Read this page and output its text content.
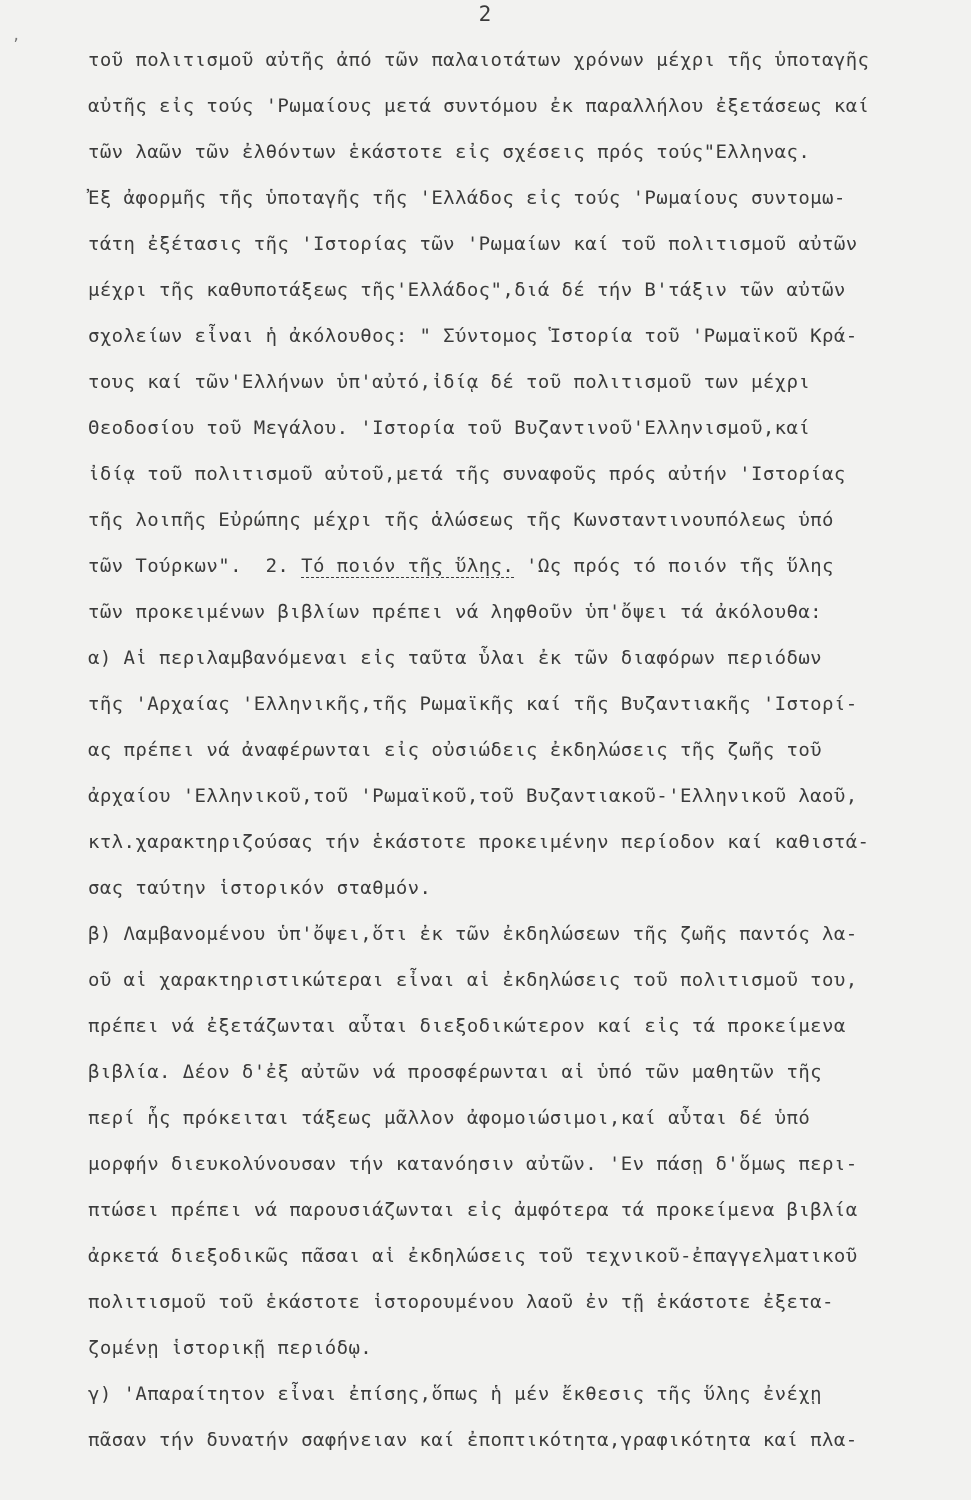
2
,
τοῦ πολιτισμοῦ αὐτῆς ἀπό τῶν παλαιοτάτων χρόνων μέχρι τῆς ὑποταγῆς
αὐτῆς εἰς τούς 'Ρωμαίους μετά συντόμου ἐκ παραλλήλου ἐξετάσεως καί
τῶν λαῶν τῶν ἐλθόντων ἑκάστοτε εἰς σχέσεις πρός τούς"Ελληνας.
Ἐξ ἀφορμῆς τῆς ὑποταγῆς τῆς 'Ελλάδος εἰς τούς 'Ρωμαίους συντομω-
τάτη ἐξέτασις τῆς 'Ιστορίας τῶν 'Ρωμαίων καί τοῦ πολιτισμοῦ αὐτῶν
μέχρι τῆς καθυποτάξεως τῆς'Ελλάδος",διά δέ τήν Β'τάξιν τῶν αὐτῶν
σχολείων εἶναι ἡ ἀκόλουθος: " Σύντομος Ἱστορία τοῦ 'Ρωμαϊκοῦ Κρά-
τους καί τῶν'Ελλήνων ὑπ'αὐτό,ἰδίᾳ δέ τοῦ πολιτισμοῦ των μέχρι
Θεοδοσίου τοῦ Μεγάλου. 'Ιστορία τοῦ Βυζαντινοῦ'Ελληνισμοῦ,καί
ἰδίᾳ τοῦ πολιτισμοῦ αὐτοῦ,μετά τῆς συναφοῦς πρός αὐτήν 'Ιστορίας
τῆς λοιπῆς Εὐρώπης μέχρι τῆς ἁλώσεως τῆς Κωνσταντινουπόλεως ὑπό
τῶν Τούρκων".  2. Τό ποιόν τῆς ὕλης. 'Ως πρός τό ποιόν τῆς ὕλης
τῶν προκειμένων βιβλίων πρέπει νά ληφθοῦν ὑπ'ὄψει τά ἀκόλουθα:
α) Αἱ περιλαμβανόμεναι εἰς ταῦτα ὗλαι ἐκ τῶν διαφόρων περιόδων
τῆς 'Αρχαίας 'Ελληνικῆς,τῆς Ρωμαϊκῆς καί τῆς Βυζαντιακῆς 'Ιστορί-
ας πρέπει νά ἀναφέρωνται εἰς οὐσιώδεις ἐκδηλώσεις τῆς ζωῆς τοῦ
ἀρχαίου 'Ελληνικοῦ,τοῦ 'Ρωμαϊκοῦ,τοῦ Βυζαντιακοῦ-'Ελληνικοῦ λαοῦ,
κτλ.χαρακτηριζούσας τήν ἑκάστοτε προκειμένην περίοδον καί καθιστά-
σας ταύτην ἱστορικόν σταθμόν.
β) Λαμβανομένου ὑπ'ὄψει,ὅτι ἐκ τῶν ἐκδηλώσεων τῆς ζωῆς παντός λα-
οῦ αἱ χαρακτηριστικώτεραι εἶναι αἱ ἐκδηλώσεις τοῦ πολιτισμοῦ του,
πρέπει νά ἐξετάζωνται αὗται διεξοδικώτερον καί εἰς τά προκείμενα
βιβλία. Δέον δ'ἐξ αὐτῶν νά προσφέρωνται αἱ ὑπό τῶν μαθητῶν τῆς
περί ἧς πρόκειται τάξεως μᾶλλον ἀφομοιώσιμοι,καί αὗται δέ ὑπό
μορφήν διευκολύνουσαν τήν κατανόησιν αὐτῶν. 'Εν πάσῃ δ'ὅμως περι-
πτώσει πρέπει νά παρουσιάζωνται εἰς ἀμφότερα τά προκείμενα βιβλία
ἀρκετά διεξοδικῶς πᾶσαι αἱ ἐκδηλώσεις τοῦ τεχνικοῦ-ἐπαγγελματικοῦ
πολιτισμοῦ τοῦ ἑκάστοτε ἱστορουμένου λαοῦ ἐν τῇ ἑκάστοτε ἐξετα-
ζομένῃ ἱστορικῇ περιόδῳ.
γ) 'Απαραίτητον εἶναι ἐπίσης,ὅπως ἡ μέν ἔκθεσις τῆς ὕλης ἐνέχῃ
πᾶσαν τήν δυνατήν σαφήνειαν καί ἐποπτικότητα,γραφικότητα καί πλα-
